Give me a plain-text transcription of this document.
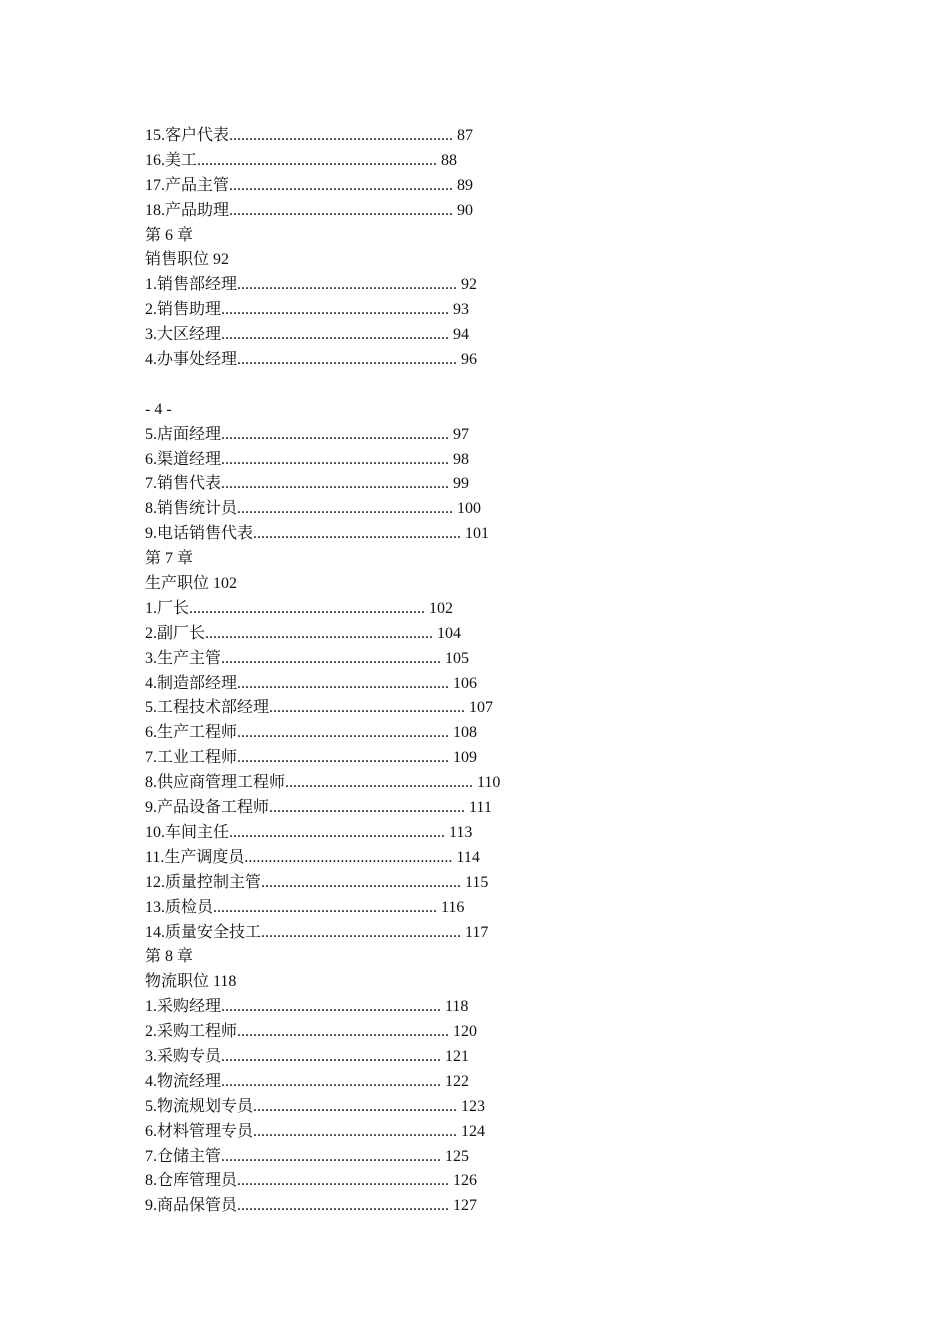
15.客户代表........................................................ 87
16.美工............................................................ 88
17.产品主管........................................................ 89
18.产品助理........................................................ 90
第 6 章
销售职位 92
1.销售部经理....................................................... 92
2.销售助理......................................................... 93
3.大区经理......................................................... 94
4.办事处经理....................................................... 96
- 4 -
5.店面经理......................................................... 97
6.渠道经理......................................................... 98
7.销售代表......................................................... 99
8.销售统计员...................................................... 100
9.电话销售代表.................................................... 101
第 7 章
生产职位 102
1.厂长........................................................... 102
2.副厂长......................................................... 104
3.生产主管....................................................... 105
4.制造部经理..................................................... 106
5.工程技术部经理................................................. 107
6.生产工程师..................................................... 108
7.工业工程师..................................................... 109
8.供应商管理工程师............................................... 110
9.产品设备工程师................................................. 111
10.车间主任...................................................... 113
11.生产调度员.................................................... 114
12.质量控制主管.................................................. 115
13.质检员........................................................ 116
14.质量安全技工.................................................. 117
第 8 章
物流职位 118
1.采购经理....................................................... 118
2.采购工程师..................................................... 120
3.采购专员....................................................... 121
4.物流经理....................................................... 122
5.物流规划专员................................................... 123
6.材料管理专员................................................... 124
7.仓储主管....................................................... 125
8.仓库管理员..................................................... 126
9.商品保管员..................................................... 127
